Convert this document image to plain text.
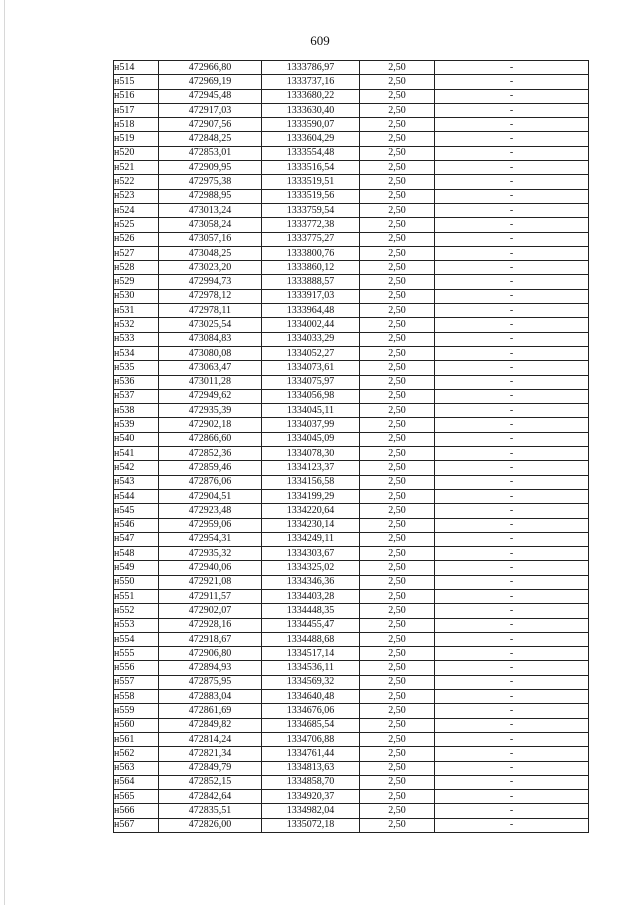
609
н514	472966,80	1333786,97	2,50	-
н515	472969,19	1333737,16	2,50	-
н516	472945,48	1333680,22	2,50	-
н517	472917,03	1333630,40	2,50	-
н518	472907,56	1333590,07	2,50	-
н519	472848,25	1333604,29	2,50	-
н520	472853,01	1333554,48	2,50	-
н521	472909,95	1333516,54	2,50	-
н522	472975,38	1333519,51	2,50	-
н523	472988,95	1333519,56	2,50	-
н524	473013,24	1333759,54	2,50	-
н525	473058,24	1333772,38	2,50	-
н526	473057,16	1333775,27	2,50	-
н527	473048,25	1333800,76	2,50	-
н528	473023,20	1333860,12	2,50	-
н529	472994,73	1333888,57	2,50	-
н530	472978,12	1333917,03	2,50	-
н531	472978,11	1333964,48	2,50	-
н532	473025,54	1334002,44	2,50	-
н533	473084,83	1334033,29	2,50	-
н534	473080,08	1334052,27	2,50	-
н535	473063,47	1334073,61	2,50	-
н536	473011,28	1334075,97	2,50	-
н537	472949,62	1334056,98	2,50	-
н538	472935,39	1334045,11	2,50	-
н539	472902,18	1334037,99	2,50	-
н540	472866,60	1334045,09	2,50	-
н541	472852,36	1334078,30	2,50	-
н542	472859,46	1334123,37	2,50	-
н543	472876,06	1334156,58	2,50	-
н544	472904,51	1334199,29	2,50	-
н545	472923,48	1334220,64	2,50	-
н546	472959,06	1334230,14	2,50	-
н547	472954,31	1334249,11	2,50	-
н548	472935,32	1334303,67	2,50	-
н549	472940,06	1334325,02	2,50	-
н550	472921,08	1334346,36	2,50	-
н551	472911,57	1334403,28	2,50	-
н552	472902,07	1334448,35	2,50	-
н553	472928,16	1334455,47	2,50	-
н554	472918,67	1334488,68	2,50	-
н555	472906,80	1334517,14	2,50	-
н556	472894,93	1334536,11	2,50	-
н557	472875,95	1334569,32	2,50	-
н558	472883,04	1334640,48	2,50	-
н559	472861,69	1334676,06	2,50	-
н560	472849,82	1334685,54	2,50	-
н561	472814,24	1334706,88	2,50	-
н562	472821,34	1334761,44	2,50	-
н563	472849,79	1334813,63	2,50	-
н564	472852,15	1334858,70	2,50	-
н565	472842,64	1334920,37	2,50	-
н566	472835,51	1334982,04	2,50	-
н567	472826,00	1335072,18	2,50	-
